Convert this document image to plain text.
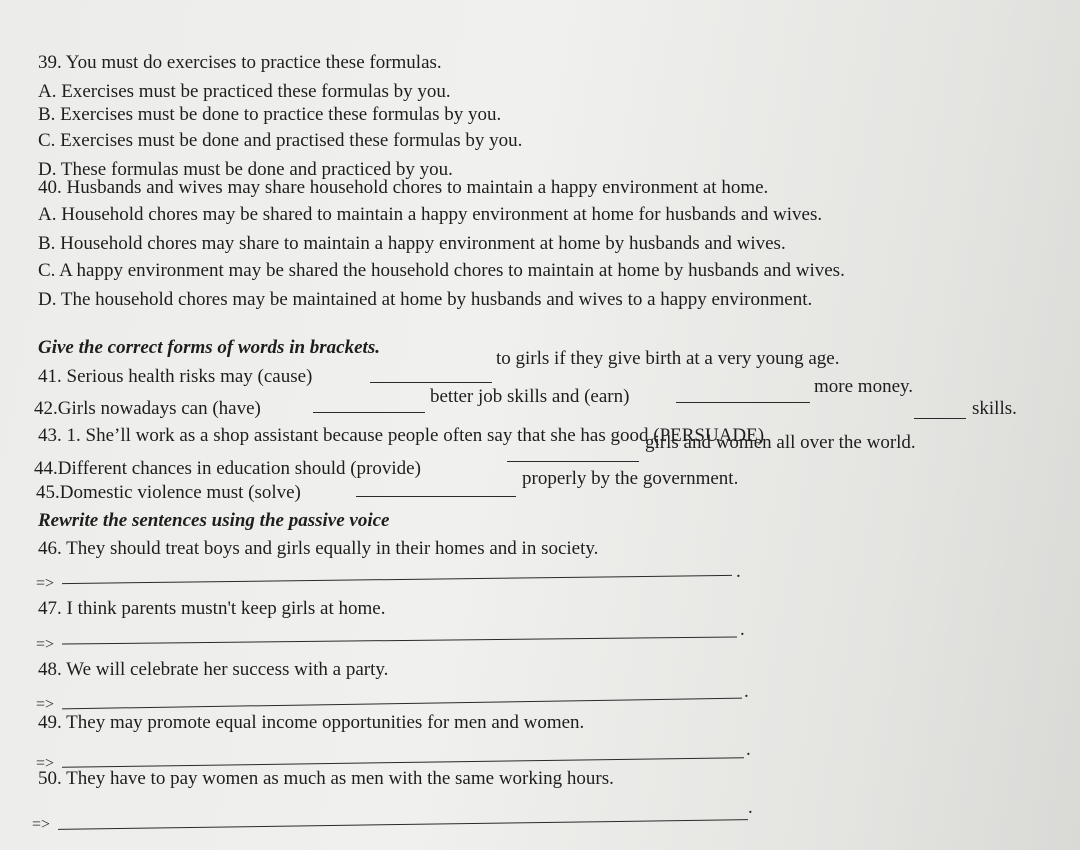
39. You must do exercises to practice these formulas.
A. Exercises must be practiced these formulas by you.
B. Exercises must be done to practice these formulas by you.
C. Exercises must be done and practised these formulas by you.
D. These formulas must be done and practiced by you.
40. Husbands and wives may share household chores to maintain a happy environment at home.
A. Household chores may be shared to maintain a happy environment at home for husbands and wives.
B. Household chores may share to maintain a happy environment at home by husbands and wives.
C. A happy environment may be shared the household chores to maintain at home by husbands and wives.
D. The household chores may be maintained at home by husbands and wives to a happy environment.
Give the correct forms of words in brackets.
41. Serious health risks may (cause)
to girls if they give birth at a very young age.
42.Girls nowadays can (have)
better job skills and (earn)	more money.
43. 1. She’ll work as a shop assistant because people often say that she has good (PERSUADE)
skills.
44.Different chances in education should (provide)
girls and women all over the world.
45.Domestic violence must (solve)
properly by the government.
Rewrite the sentences using the passive voice
46. They should treat boys and girls equally in their homes and in society.
=>
.
47. I think parents mustn't keep girls at home.
=>
.
48. We will celebrate her success with a party.
=>
.
49. They may promote equal income opportunities for men and women.
=>
.
50. They have to pay women as much as men with the same working hours.
=>
.
